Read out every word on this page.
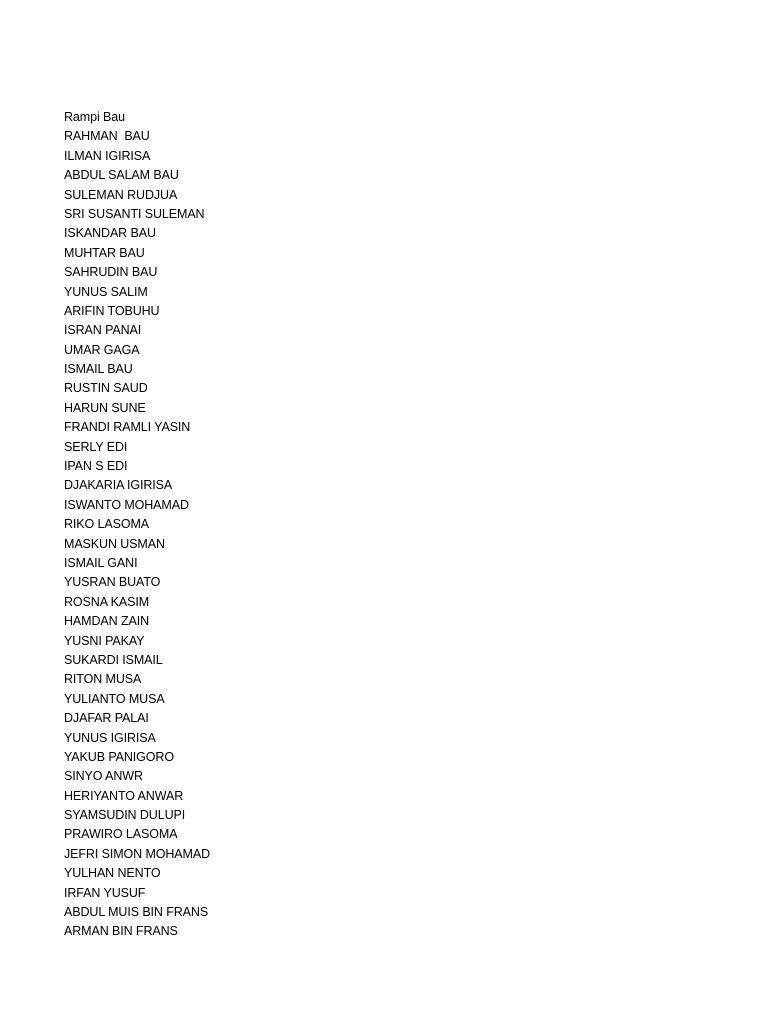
Rampi Bau
RAHMAN  BAU
ILMAN IGIRISA
ABDUL SALAM BAU
SULEMAN RUDJUA
SRI SUSANTI SULEMAN
ISKANDAR BAU
MUHTAR BAU
SAHRUDIN BAU
YUNUS SALIM
ARIFIN TOBUHU
ISRAN PANAI
UMAR GAGA
ISMAIL BAU
RUSTIN SAUD
HARUN SUNE
FRANDI RAMLI YASIN
SERLY EDI
IPAN S EDI
DJAKARIA IGIRISA
ISWANTO MOHAMAD
RIKO LASOMA
MASKUN USMAN
ISMAIL GANI
YUSRAN BUATO
ROSNA KASIM
HAMDAN ZAIN
YUSNI PAKAY
SUKARDI ISMAIL
RITON MUSA
YULIANTO MUSA
DJAFAR PALAI
YUNUS IGIRISA
YAKUB PANIGORO
SINYO ANWR
HERIYANTO ANWAR
SYAMSUDIN DULUPI
PRAWIRO LASOMA
JEFRI SIMON MOHAMAD
YULHAN NENTO
IRFAN YUSUF
ABDUL MUIS BIN FRANS
ARMAN BIN FRANS
